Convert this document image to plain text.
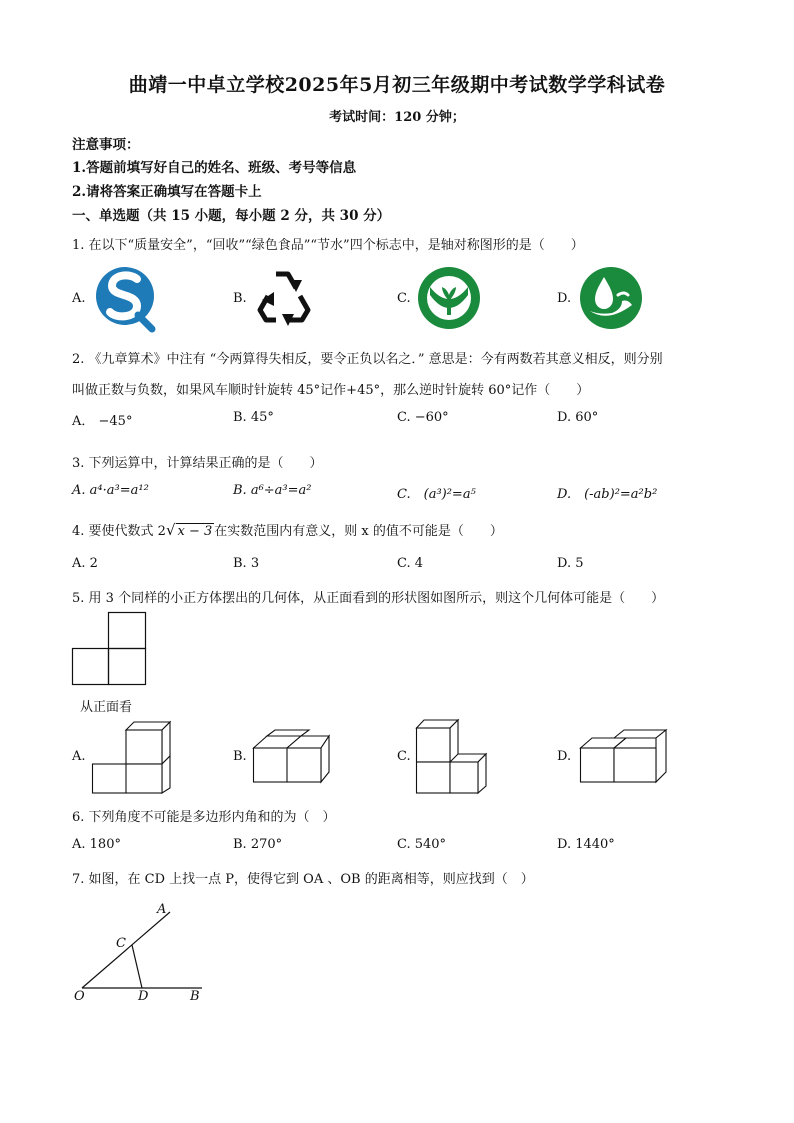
曲靖一中卓立学校2025年5月初三年级期中考试数学学科试卷
考试时间：120 分钟；
注意事项：
1.答题前填写好自己的姓名、班级、考号等信息
2.请将答案正确填写在答题卡上
一、单选题（共 15 小题，每小题 2 分，共 30 分）
1. 在以下“质量安全”，“回收”“绿色食品”“节水”四个标志中，是轴对称图形的是（　　）
A.	B.	C.	D.
2. 《九章算术》中注有 “今两算得失相反，要令正负以名之．” 意思是：今有两数若其意义相反，则分别
叫做正数与负数，如果风车顺时针旋转 45°记作+45°，那么逆时针旋转 60°记作（　　）
A． −45°	B. 45°	C. −60°	D. 60°
3. 下列运算中，计算结果正确的是（　　）
A. a⁴·a³=a¹²	B. a⁶÷a³=a²	C.　(a³)²=a⁵	D.　(-ab)²=a²b²
4. 要使代数式 2√ x − 3 在实数范围内有意义，则 x 的值不可能是（　　）
A. 2	B. 3	C. 4	D. 5
5. 用 3 个同样的小正方体摆出的几何体，从正面看到的形状图如图所示，则这个几何体可能是（　　）
从正面看
A.	B.	C.	D.
6. 下列角度不可能是多边形内角和的为（　）
A. 180°	B. 270°	C. 540°	D. 1440°
7. 如图，在 CD 上找一点 P，使得它到 OA 、OB 的距离相等，则应找到（　）
A
C
O	D	B
